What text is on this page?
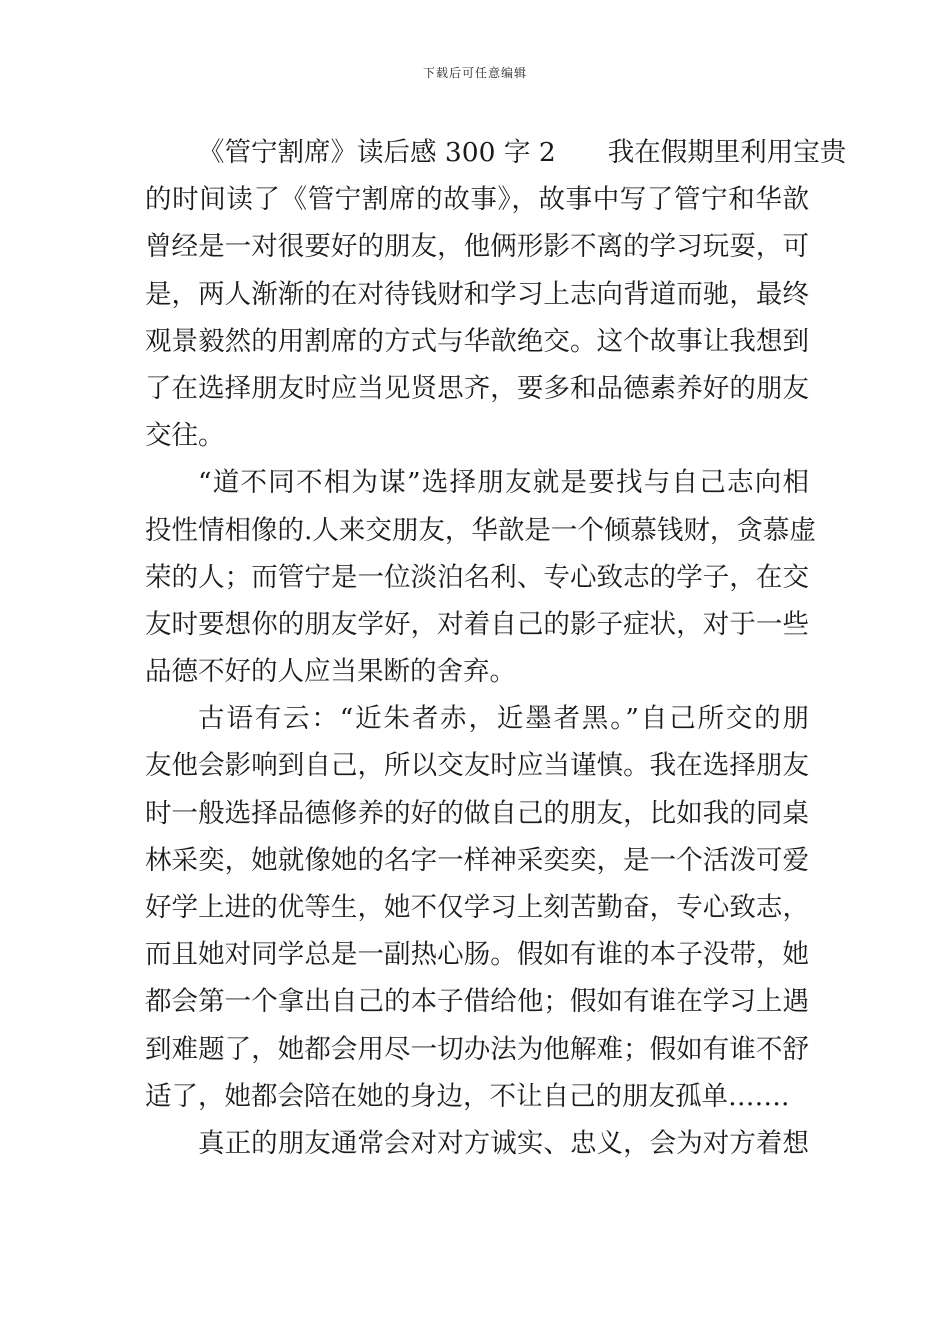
下载后可任意编辑
《管宁割席》读后感 300 字 2 我在假期里利用宝贵
的时间读了《管宁割席的故事》，故事中写了管宁和华歆
曾经是一对很要好的朋友，他俩形影不离的学习玩耍，可
是，两人渐渐的在对待钱财和学习上志向背道而驰，最终
观景毅然的用割席的方式与华歆绝交。这个故事让我想到
了在选择朋友时应当见贤思齐，要多和品德素养好的朋友
交往。
“道不同不相为谋”选择朋友就是要找与自己志向相
投性情相像的.人来交朋友，华歆是一个倾慕钱财，贪慕虚
荣的人；而管宁是一位淡泊名利、专心致志的学子，在交
友时要想你的朋友学好，对着自己的影子症状，对于一些
品德不好的人应当果断的舍弃。
古语有云：“近朱者赤，近墨者黑。”自己所交的朋
友他会影响到自己，所以交友时应当谨慎。我在选择朋友
时一般选择品德修养的好的做自己的朋友，比如我的同桌
林采奕，她就像她的名字一样神采奕奕，是一个活泼可爱
好学上进的优等生，她不仅学习上刻苦勤奋，专心致志，
而且她对同学总是一副热心肠。假如有谁的本子没带，她
都会第一个拿出自己的本子借给他；假如有谁在学习上遇
到难题了，她都会用尽一切办法为他解难；假如有谁不舒
适了，她都会陪在她的身边，不让自己的朋友孤单…….
真正的朋友通常会对对方诚实、忠义，会为对方着想
